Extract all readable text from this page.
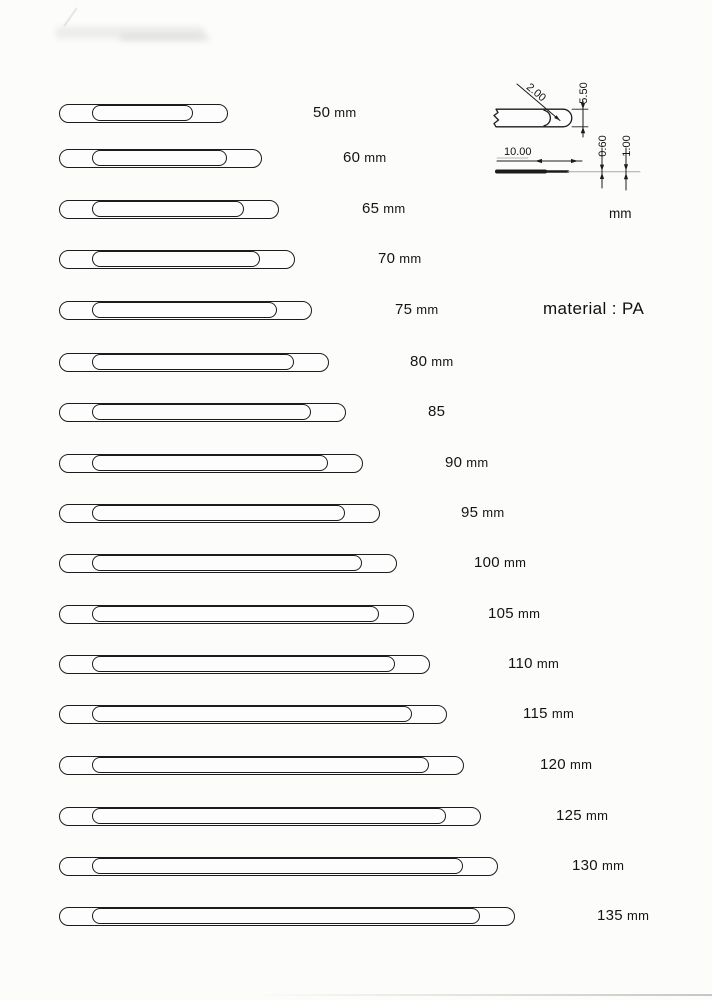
50 mm
60 mm
65 mm
70 mm
75 mm
80 mm
85
90 mm
95 mm
100 mm
105 mm
110 mm
115 mm
120 mm
125 mm
130 mm
135 mm
2.00	5.50
10.00	0.60 1.00
mm
material : PA
